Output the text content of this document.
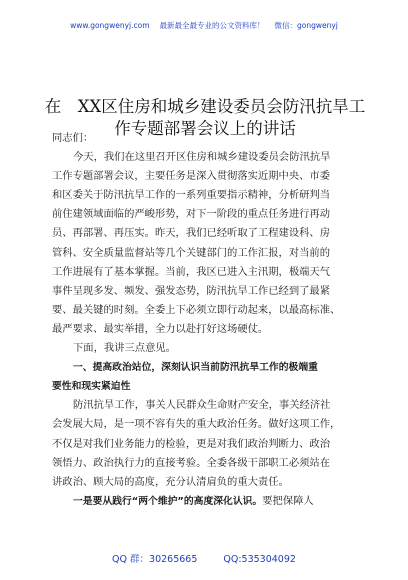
www.gongwenyj.com 最新最全最专业的公文资料库！ 微信：gongwenyj
在　XX区住房和城乡建设委员会防汛抗旱工
作专题部署会议上的讲话
同志们：

今天，我们在这里召开区住房和城乡建设委员会防汛抗旱
工作专题部署会议，主要任务是深入贯彻落实近期中央、市委
和区委关于防汛抗旱工作的一系列重要指示精神，分析研判当
前住建领域面临的严峻形势，对下一阶段的重点任务进行再动
员、再部署、再压实。昨天，我们已经听取了工程建设科、房
管科、安全质量监督站等几个关键部门的工作汇报，对当前的
工作进展有了基本掌握。当前，我区已进入主汛期，极端天气
事件呈现多发、频发、强发态势，防汛抗旱工作已经到了最紧
要、最关键的时刻。全委上下必须立即行动起来，以最高标准、
最严要求、最实举措，全力以赴打好这场硬仗。

下面，我讲三点意见。

一、提高政治站位，深刻认识当前防汛抗旱工作的极端重
要性和现实紧迫性

防汛抗旱工作，事关人民群众生命财产安全，事关经济社
会发展大局，是一项不容有失的重大政治任务。做好这项工作，
不仅是对我们业务能力的检验，更是对我们政治判断力、政治
领悟力、政治执行力的直接考验。全委各级干部职工必须站在
讲政治、顾大局的高度，充分认清肩负的重大责任。

一是要从践行“两个维护”的高度深化认识。要把保障人
QQ 群：30265665	QQ:535304092
